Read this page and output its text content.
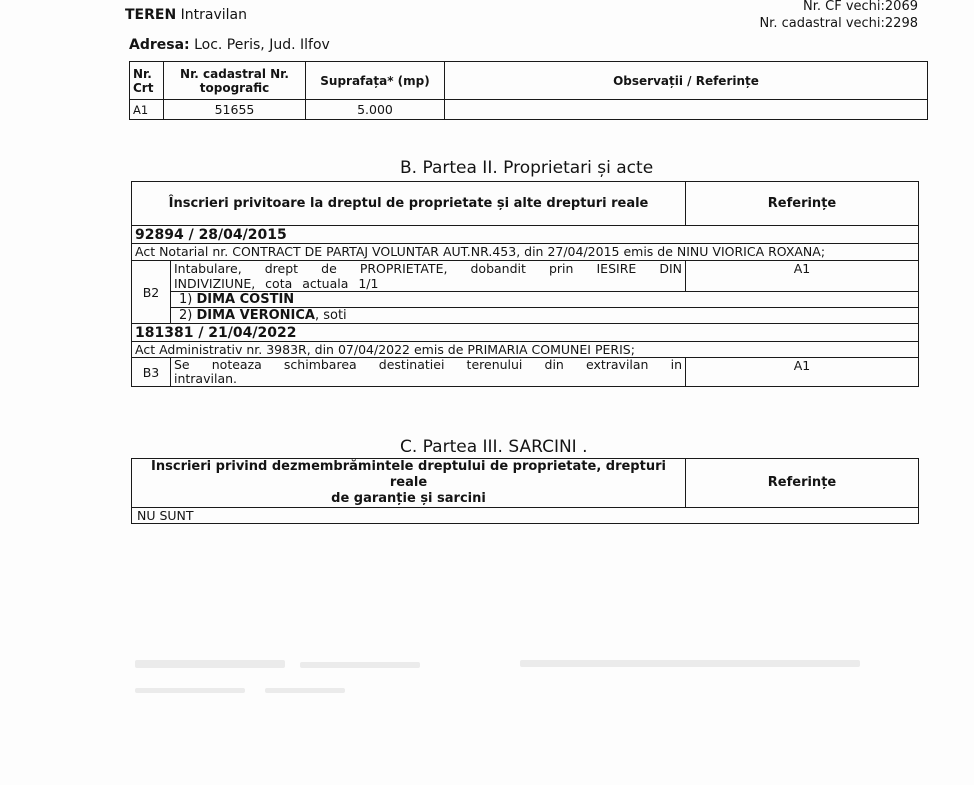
TEREN Intravilan
Nr. CF vechi:2069
Nr. cadastral vechi:2298
Adresa: Loc. Peris, Jud. Ilfov
Nr. Crt	Nr. cadastral Nr. topografic	Suprafața* (mp)	Observații / Referințe
A1	51655	5.000	
B. Partea II. Proprietari și acte
Înscrieri privitoare la dreptul de proprietate și alte drepturi reale		Referințe
92894 / 28/04/2015		

Act Notarial nr. CONTRACT DE PARTAJ VOLUNTAR AUT.NR.453, din 27/04/2015 emis de NINU VIORICA ROXANA;		

B2	Intabulare, drept de PROPRIETATE, dobandit prin IESIRE DIN
INDIVIZIUNE, cota actuala 1/1	A1
	1) DIMA COSTIN	
	2) DIMA VERONICA, soti	
181381 / 21/04/2022		
Act Administrativ nr. 3983R, din 07/04/2022 emis de PRIMARIA COMUNEI PERIS;		
B3	Se noteaza schimbarea destinatiei terenului din extravilan in
intravilan.	A1
C. Partea III. SARCINI .
Inscrieri privind dezmembrămintele dreptului de proprietate, drepturi reale
de garanție și sarcini
	Referințe
NU SUNT
